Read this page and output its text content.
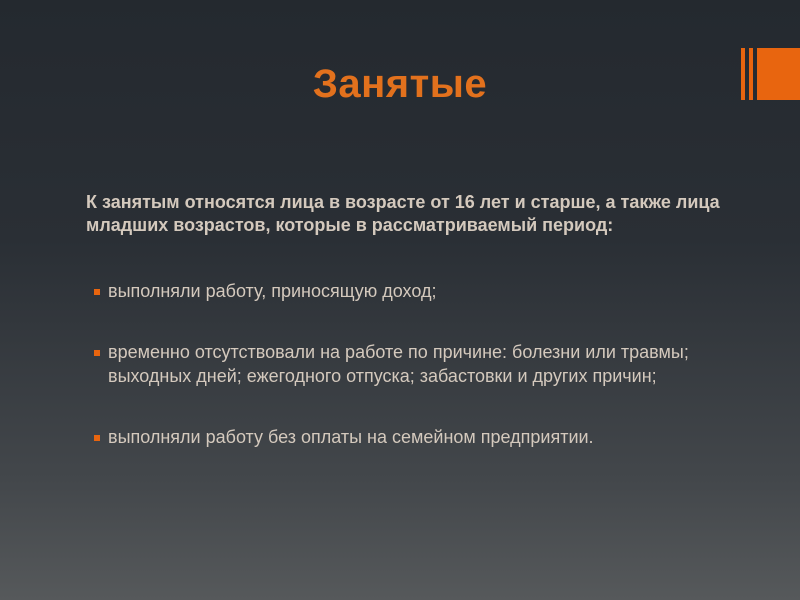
Занятые

К занятым относятся лица в возрасте от 16 лет и старше, а также лица младших возрастов, которые в рассматриваемый период:

выполняли работу, приносящую доход;
временно отсутствовали на работе по причине: болезни или травмы; выходных дней; ежегодного отпуска; забастовки и других причин;
выполняли работу без оплаты на семейном предприятии.
